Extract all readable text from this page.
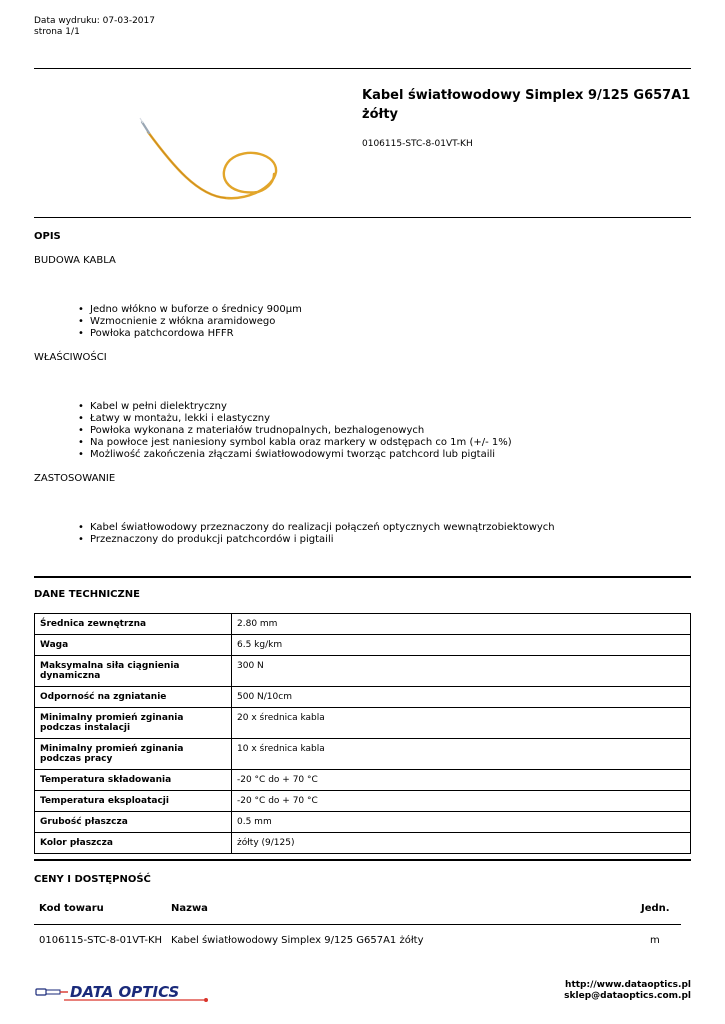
Data wydruku: 07-03-2017
strona 1/1
Kabel światłowodowy Simplex 9/125 G657A1 żółty
0106115-STC-8-01VT-KH
OPIS
BUDOWA KABLA
• Jedno włókno w buforze o średnicy 900µm
• Wzmocnienie z włókna aramidowego
• Powłoka patchcordowa HFFR
WŁAŚCIWOŚCI
• Kabel w pełni dielektryczny
• Łatwy w montażu, lekki i elastyczny
• Powłoka wykonana z materiałów trudnopalnych, bezhalogenowych
• Na powłoce jest naniesiony symbol kabla oraz markery w odstępach co 1m (+/- 1%)
• Możliwość zakończenia złączami światłowodowymi tworząc patchcord lub pigtaili
ZASTOSOWANIE
• Kabel światłowodowy przeznaczony do realizacji połączeń optycznych wewnątrzobiektowych
• Przeznaczony do produkcji patchcordów i pigtaili
DANE TECHNICZNE
Średnica zewnętrzna	2.80 mm
Waga	6.5 kg/km
Maksymalna siła ciągnienia dynamiczna	300 N
Odporność na zgniatanie	500 N/10cm
Minimalny promień zginania podczas instalacji	20 x średnica kabla
Minimalny promień zginania podczas pracy	10 x średnica kabla
Temperatura składowania	-20 °C do + 70 °C
Temperatura eksploatacji	-20 °C do + 70 °C
Grubość płaszcza	0.5 mm
Kolor płaszcza	żółty (9/125)
CENY I DOSTĘPNOŚĆ
Kod towaru	Nazwa	Jedn.
0106115-STC-8-01VT-KH Kabel światłowodowy Simplex 9/125 G657A1 żółty	m
DATA OPTICS	http://www.dataoptics.pl
sklep@dataoptics.com.pl
